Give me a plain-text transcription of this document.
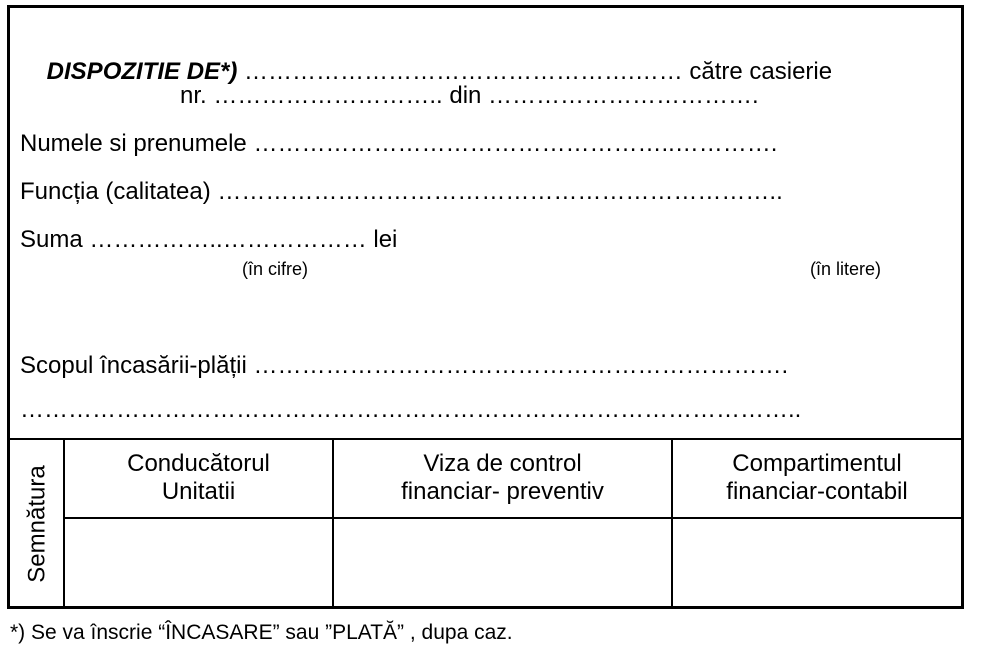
DISPOZITIE DE*) ………………………………………….…… către casierie

nr. ……………………….. din …………………………….
Numele si prenumele ……………………………………………..………….
Funcția (calitatea) ……………………………………………………………..
Suma ……………..……………… lei
(în cifre)	(în litere)
Scopul încasării-plății ………………………………………………………….
……………………………………………………………………………………..
Semnătura
Conducătorul
Unitatii
Viza de control
financiar- preventiv
Compartimentul
financiar-contabil
*) Se va înscrie “ÎNCASARE” sau ”PLATĂ” , dupa caz.
